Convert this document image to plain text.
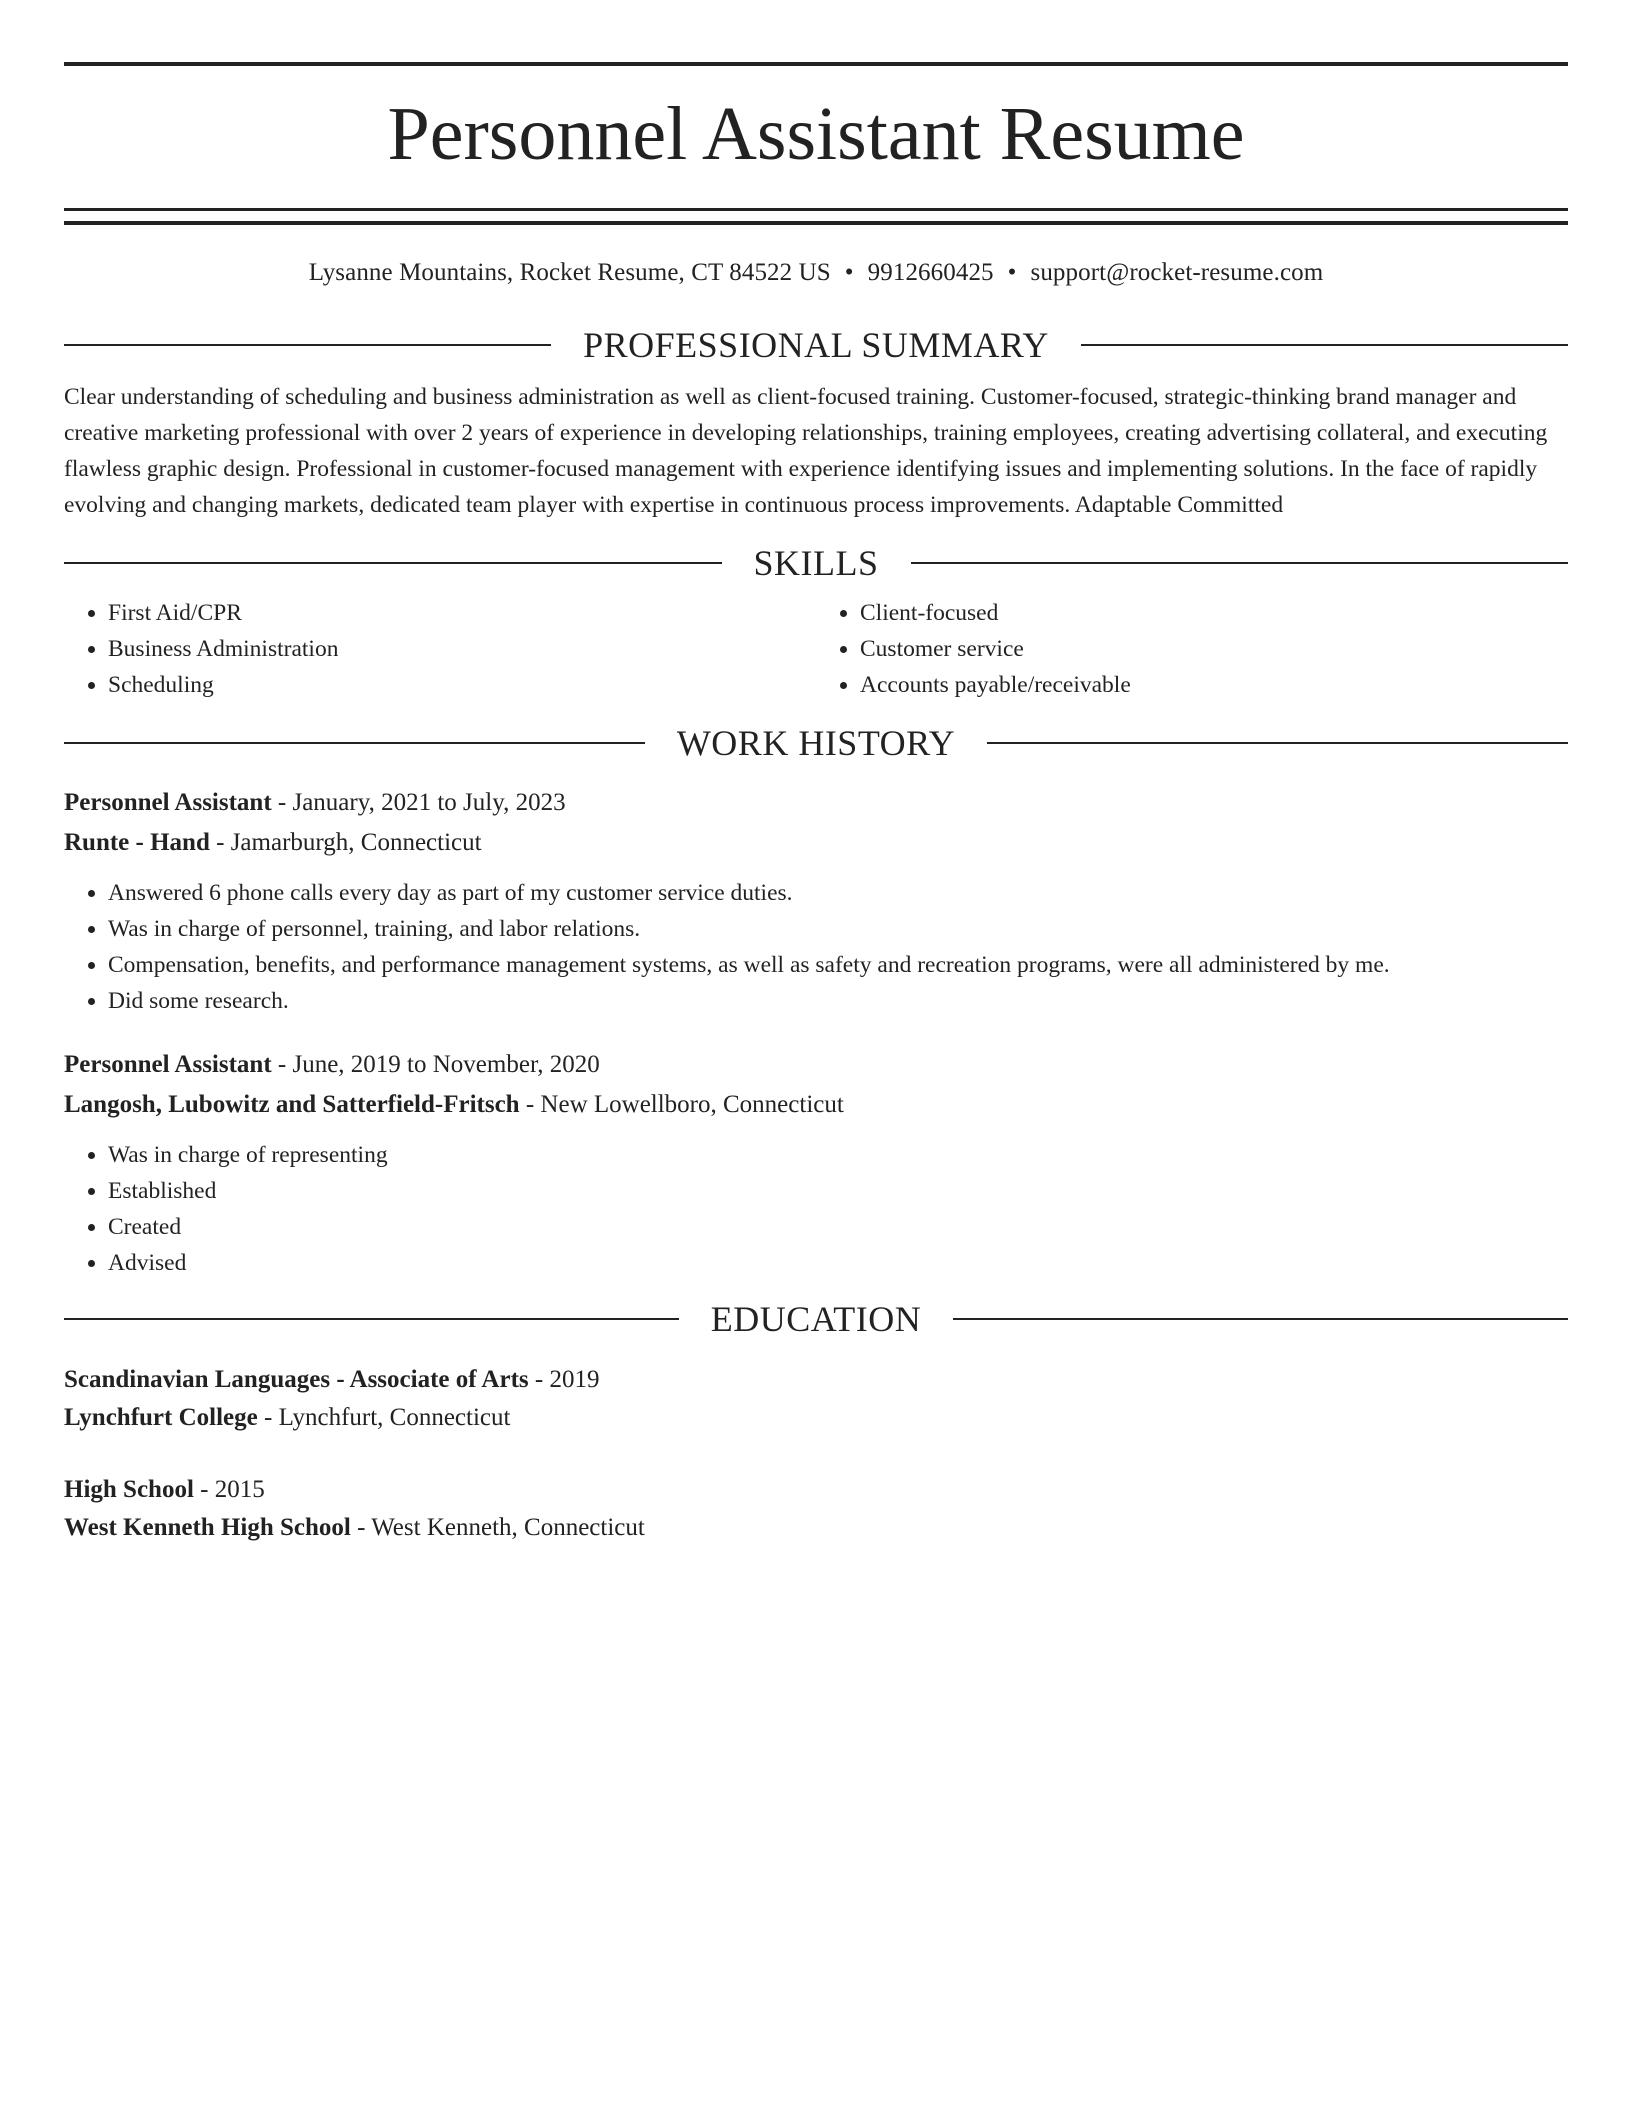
Personnel Assistant Resume
Lysanne Mountains, Rocket Resume, CT 84522 US • 9912660425 • support@rocket-resume.com
PROFESSIONAL SUMMARY

Clear understanding of scheduling and business administration as well as client-focused training. Customer-focused, strategic-thinking brand manager and creative marketing professional with over 2 years of experience in developing relationships, training employees, creating advertising collateral, and executing flawless graphic design. Professional in customer-focused management with experience identifying issues and implementing solutions. In the face of rapidly evolving and changing markets, dedicated team player with expertise in continuous process improvements. Adaptable Committed

SKILLS
• First Aid/CPR
• Business Administration
• Scheduling
• Client-focused
• Customer service
• Accounts payable/receivable
WORK HISTORY
Personnel Assistant - January, 2021 to July, 2023
Runte - Hand - Jamarburgh, Connecticut
• Answered 6 phone calls every day as part of my customer service duties.
• Was in charge of personnel, training, and labor relations.
• Compensation, benefits, and performance management systems, as well as safety and recreation programs, were all administered by me.
• Did some research.
Personnel Assistant - June, 2019 to November, 2020
Langosh, Lubowitz and Satterfield-Fritsch - New Lowellboro, Connecticut
• Was in charge of representing
• Established
• Created
• Advised
EDUCATION
Scandinavian Languages - Associate of Arts - 2019
Lynchfurt College - Lynchfurt, Connecticut
High School - 2015
West Kenneth High School - West Kenneth, Connecticut
